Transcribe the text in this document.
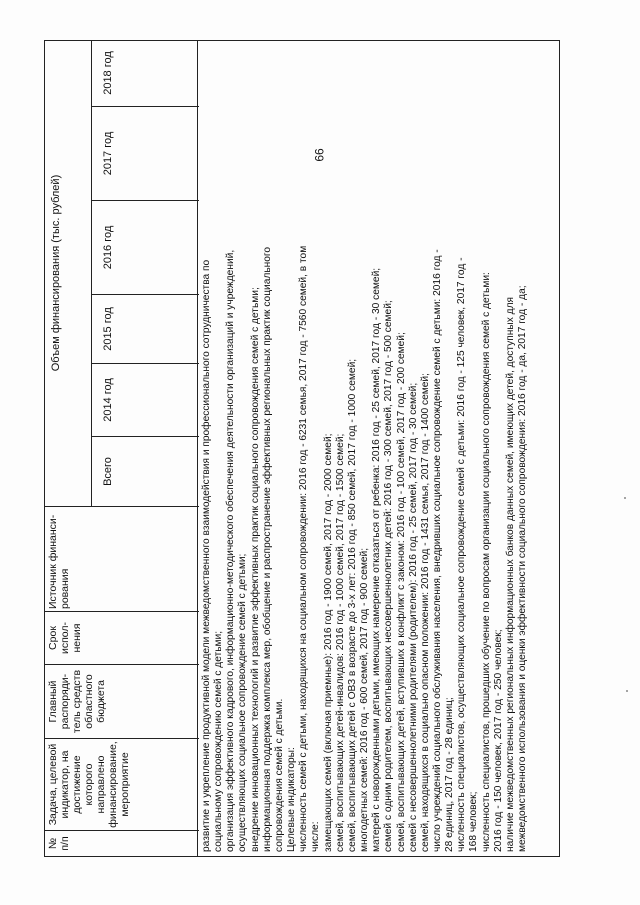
66
№ п/п
Задача, целевой индикатор, на достижение которого направлено финансирование, мероприятие
Главный распоряди-тель средств областного бюджета
Срок испол-нения
Источник финанси-рования
Объем финансирования (тыс. рублей)
Всего
2014 год
2015 год
2016 год
2017 год
2018 год
развитие и укрепление продуктивной модели межведомственного взаимодействия и профессионального сотрудничества по социальному сопровождению семей с детьми; организация эффективного кадрового, информационно-методического обеспечения деятельности организаций и учреждений, осуществляющих социальное сопровождение семей с детьми; внедрение инновационных технологий и развитие эффективных практик социального сопровождения семей с детьми; информационная поддержка комплекса мер, обобщение и распространение эффективных региональных практик социального сопровождения семей с детьми. Целевые индикаторы: численность семей с детьми, находящихся на социальном сопровождении: 2016 год - 6231 семья, 2017 год - 7560 семей, в том числе: замещающих семей (включая приемные): 2016 год - 1900 семей, 2017 год - 2000 семей; семей, воспитывающих детей-инвалидов: 2016 год - 1000 семей, 2017 год - 1500 семей; семей, воспитывающих детей с ОВЗ в возрасте до 3-х лет: 2016 год - 850 семей, 2017 год - 1000 семей; многодетных семей: 2016 год - 600 семей, 2017 год - 900 семей; матерей с новорожденными детьми, имеющих намерение отказаться от ребенка: 2016 год - 25 семей, 2017 год - 30 семей; семей с одним родителем, воспитывающих несовершеннолетних детей: 2016 год - 300 семей, 2017 год - 500 семей; семей, воспитывающих детей, вступивших в конфликт с законом: 2016 год - 100 семей, 2017 год - 200 семей; семей с несовершеннолетними родителями (родителем): 2016 год - 25 семей, 2017 год - 30 семей; семей, находящихся в социально опасном положении: 2016 год - 1431 семья, 2017 год - 1400 семей; число учреждений социального обслуживания населения, внедривших социальное сопровождение семей с детьми: 2016 год - 28 единиц, 2017 год - 28 единиц; численность специалистов, осуществляющих социальное сопровождение семей с детьми: 2016 год - 125 человек, 2017 год - 168 человек; численность специалистов, прошедших обучение по вопросам организации социального сопровождения семей с детьми: 2016 год - 150 человек, 2017 год - 250 человек; наличие межведомственных региональных информационных банков данных семей, имеющих детей, доступных для межведомственного использования и оценки эффективности социального сопровождения: 2016 год - да, 2017 год - да;
